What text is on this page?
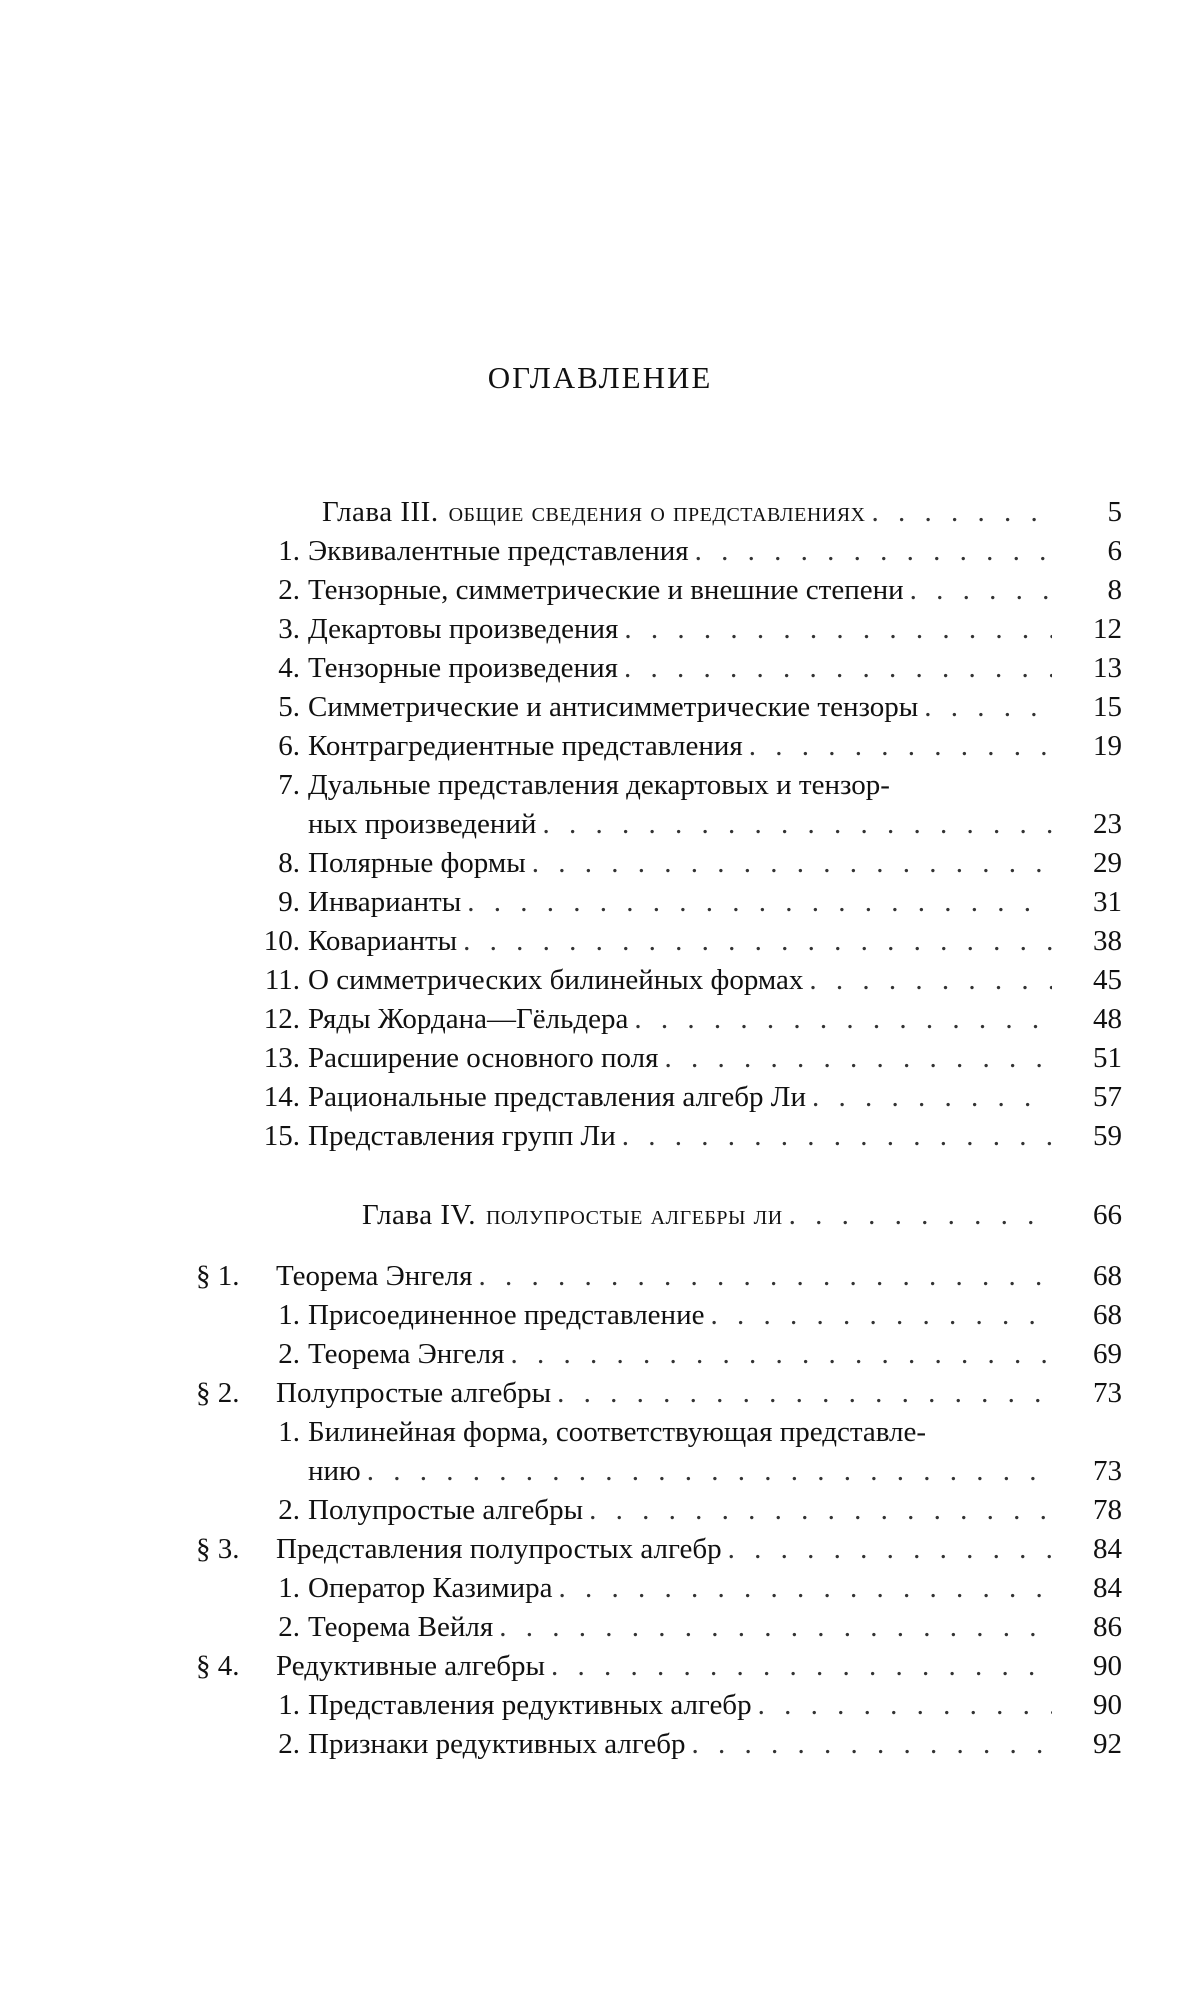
ОГЛАВЛЕНИЕ
Глава III. общие сведения о представлениях . . .	5
1. Эквивалентные представления . . .	6
2. Тензорные, симметрические и внешние степени . . .	8
3. Декартовы произведения . . .	12
4. Тензорные произведения . . .	13
5. Симметрические и антисимметрические тензоры . . .	15
6. Контрагредиентные представления . . .	19
7. Дуальные представления декартовых и тензор-
ных произведений . . .	23
8. Полярные формы . . .	29
9. Инварианты . . .	31
10. Коварианты . . .	38
11. О симметрических билинейных формах . . .	45
12. Ряды Жордана—Гёльдера . . .	48
13. Расширение основного поля . . .	51
14. Рациональные представления алгебр Ли . . .	57
15. Представления групп Ли . . .	59
Глава IV. полупростые алгебры ли . . .	66
§ 1.	Теорема Энгеля . . .	68
1. Присоединенное представление . . .	68
2. Теорема Энгеля . . .	69
§ 2.	Полупростые алгебры . . .	73
1. Билинейная форма, соответствующая представле-
нию . . .	73
2. Полупростые алгебры . . .	78
§ 3.	Представления полупростых алгебр . . .	84
1. Оператор Казимира . . .	84
2. Теорема Вейля . . .	86
§ 4.	Редуктивные алгебры . . .	90
1. Представления редуктивных алгебр . . .	90
2. Признаки редуктивных алгебр . . .	92
